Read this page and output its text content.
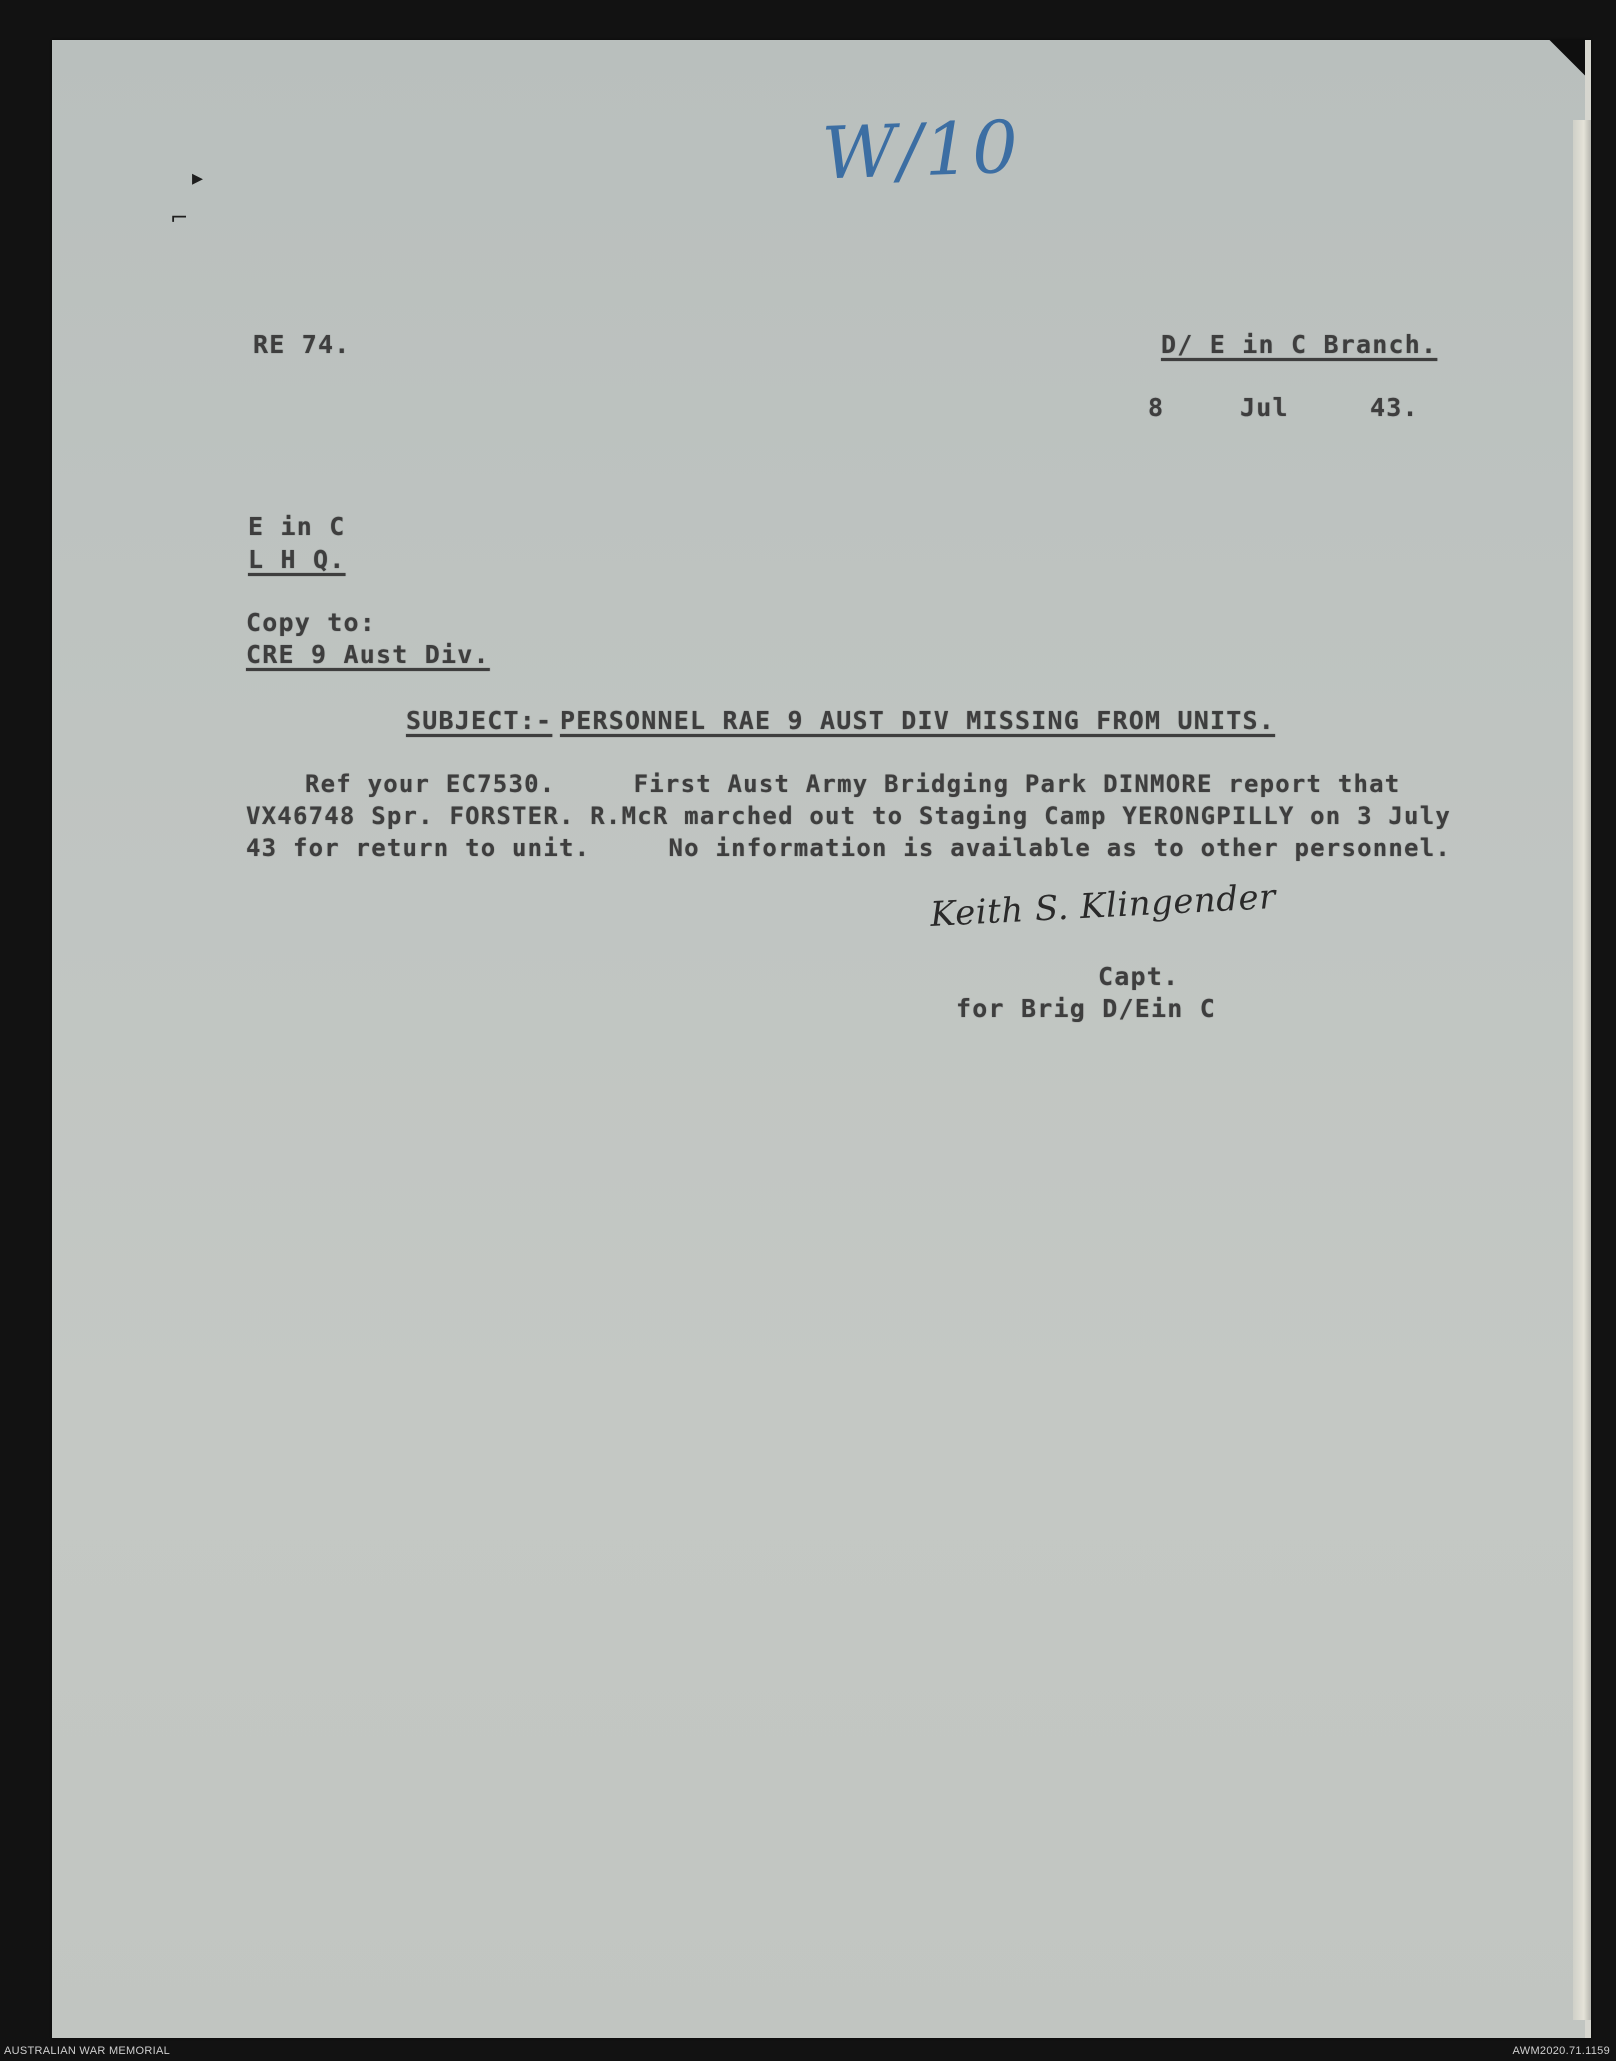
▸
⌐
W/10
RE 74.	D/ E in C Branch.
8	Jul	43.
E in C
L H Q.
Copy to:
CRE 9 Aust Div.
SUBJECT:- PERSONNEL RAE 9 AUST DIV MISSING FROM UNITS.
Ref your EC7530.     First Aust Army Bridging Park DINMORE report that
VX46748 Spr. FORSTER. R.McR marched out to Staging Camp YERONGPILLY on 3 July
43 for return to unit.     No information is available as to other personnel.
Keith S. Klingender
Capt.
for Brig D/Ein C
AUSTRALIAN WAR MEMORIAL	AWM2020.71.1159
